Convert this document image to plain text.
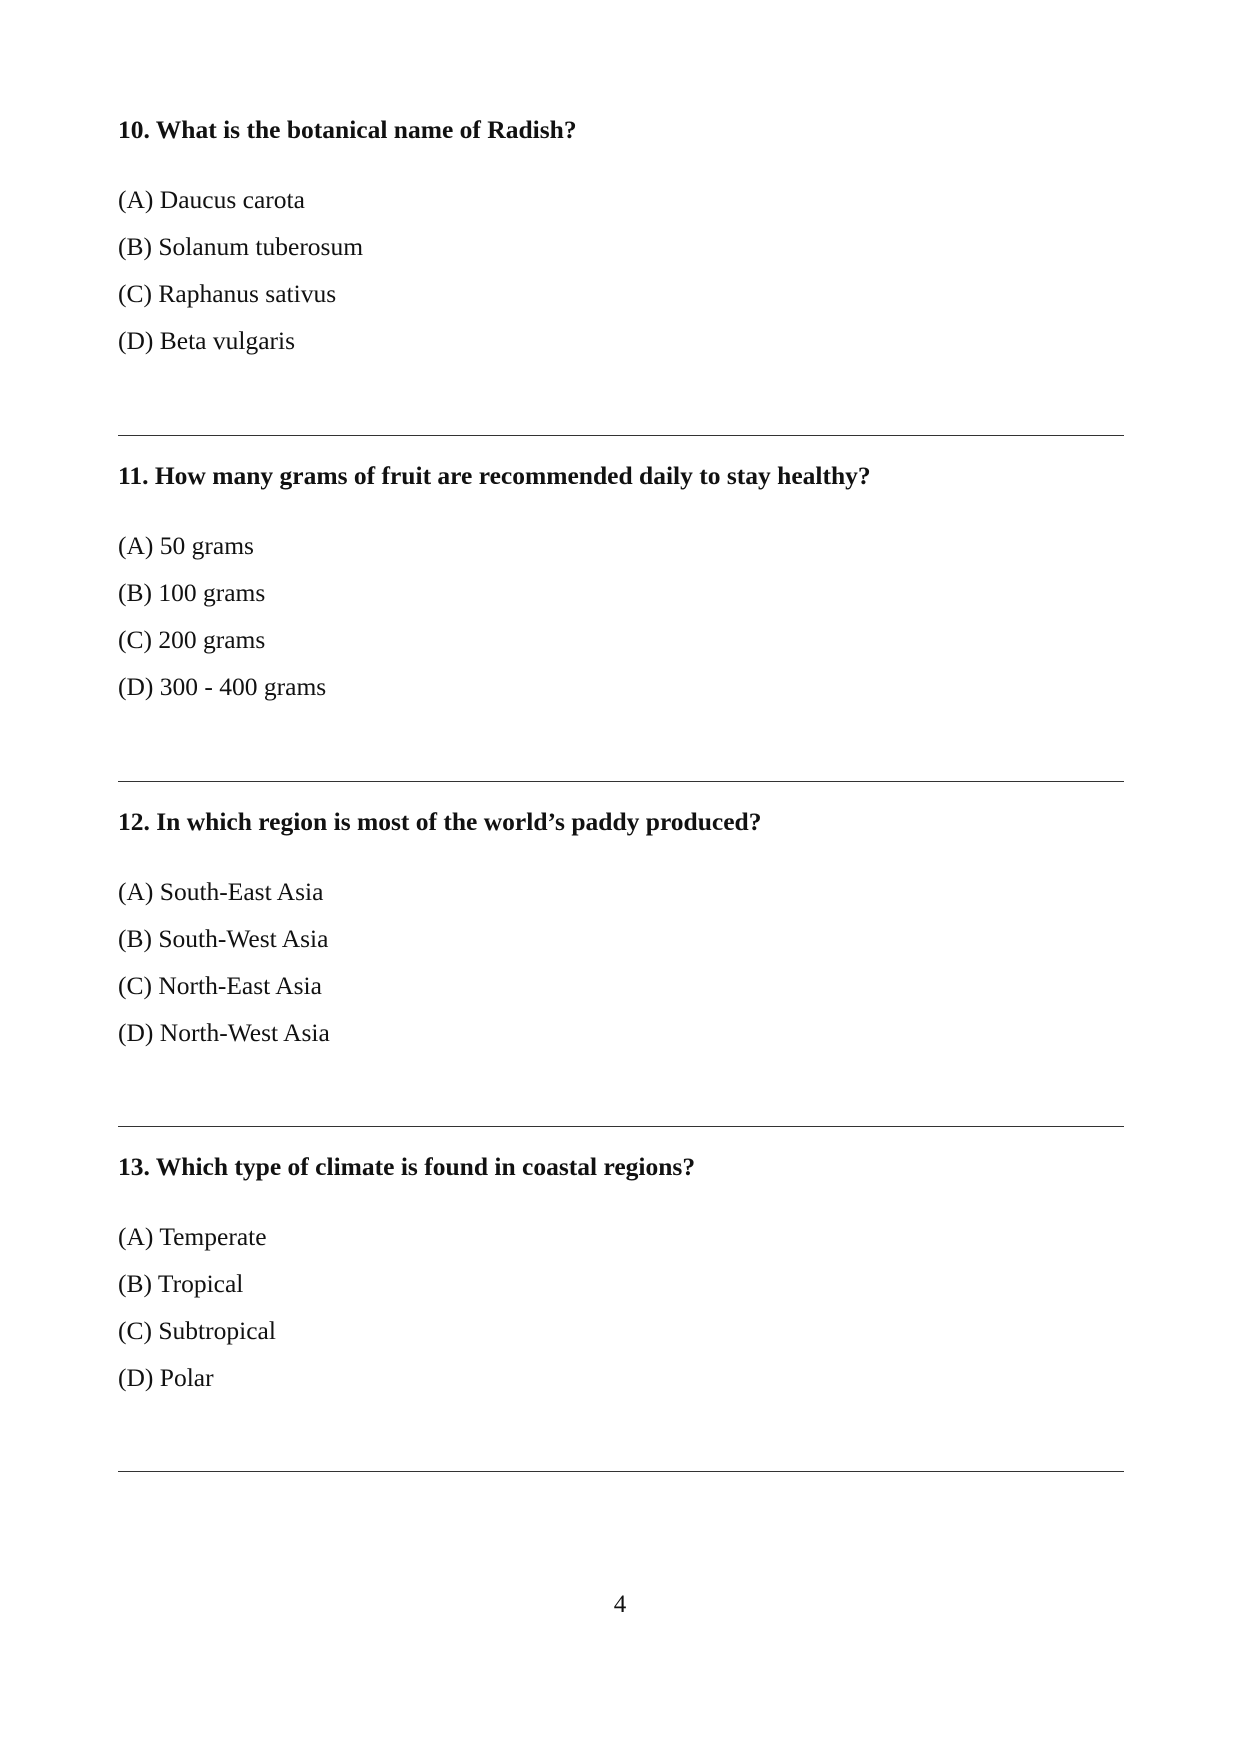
10. What is the botanical name of Radish?
(A) Daucus carota
(B) Solanum tuberosum
(C) Raphanus sativus
(D) Beta vulgaris
11. How many grams of fruit are recommended daily to stay healthy?
(A) 50 grams
(B) 100 grams
(C) 200 grams
(D) 300 - 400 grams
12. In which region is most of the world’s paddy produced?
(A) South-East Asia
(B) South-West Asia
(C) North-East Asia
(D) North-West Asia
13. Which type of climate is found in coastal regions?
(A) Temperate
(B) Tropical
(C) Subtropical
(D) Polar
4
